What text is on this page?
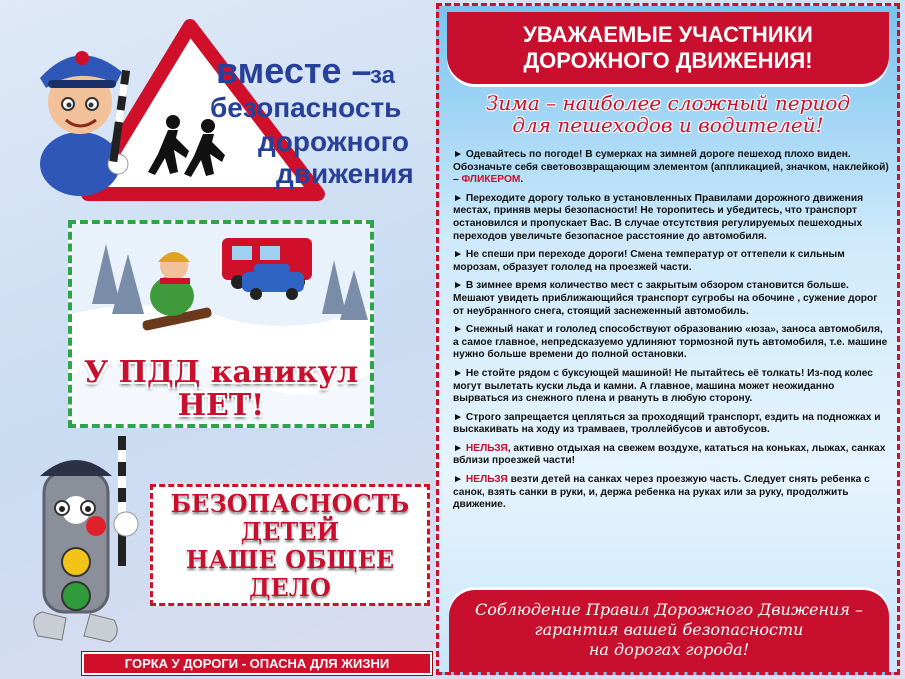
вместе –
за
безопасность
дорожного
движения
У ПДД каникул
НЕТ!
БЕЗОПАСНОСТЬ
ДЕТЕЙ
НАШЕ ОБЩЕЕ
ДЕЛО
ГОРКА У ДОРОГИ - ОПАСНА ДЛЯ ЖИЗНИ
УВАЖАЕМЫЕ УЧАСТНИКИ
ДОРОЖНОГО ДВИЖЕНИЯ!
Зима – наиболее сложный период
для пешеходов и водителей!

► Одевайтесь по погоде! В сумерках на зимней дороге пешеход плохо виден. Обозначьте себя световозвращающим элементом (аппликацией, значком, наклейкой) – ФЛИКЕРОМ.

► Переходите дорогу только в установленных Правилами дорожного движения местах, приняв меры безопасности! Не торопитесь и убедитесь, что транспорт остановился и пропускает Вас. В случае отсутствия регулируемых пешеходных переходов увеличьте безопасное расстояние до автомобиля.

► Не спеши при переходе дороги! Смена температур от оттепели к сильным морозам, образует гололед на проезжей части.

► В зимнее время количество мест с закрытым обзором становится больше. Мешают увидеть приближающийся транспорт сугробы на обочине , сужение дорог от неубранного снега, стоящий заснеженный автомобиль.

► Снежный накат и гололед способствуют образованию «юза», заноса автомобиля, а самое главное, непредсказуемо удлиняют тормозной путь автомобиля, т.е. машине нужно больше времени до полной остановки.

► Не стойте рядом с буксующей машиной! Не пытайтесь её толкать! Из-под колес могут вылетать куски льда и камни. А главное, машина может неожиданно вырваться из снежного плена и рвануть в любую сторону.

► Строго запрещается цепляться за проходящий транспорт, ездить на подножках и выскакивать на ходу из трамваев, троллейбусов и автобусов.

► НЕЛЬЗЯ, активно отдыхая на свежем воздухе, кататься на коньках, лыжах, санках вблизи проезжей части!

► НЕЛЬЗЯ везти детей на санках через проезжую часть. Следует снять ребенка с санок, взять санки в руки, и, держа ребенка на руках или за руку, продолжить движение.

Соблюдение Правил Дорожного Движения –
гарантия вашей безопасности
на дорогах города!
